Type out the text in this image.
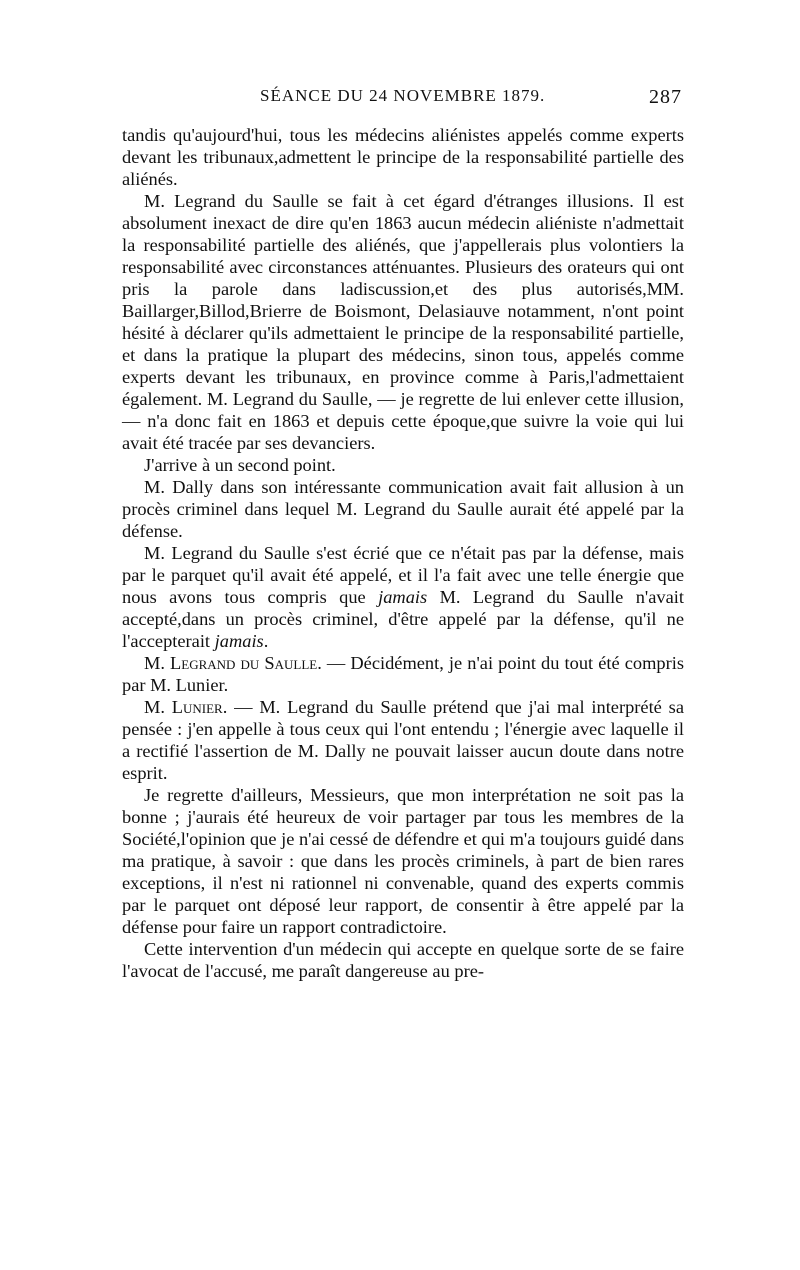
SÉANCE DU 24 NOVEMBRE 1879.	287

tandis qu'aujourd'hui, tous les médecins aliénistes appelés comme experts devant les tribunaux,admettent le principe de la responsabilité partielle des aliénés.

M. Legrand du Saulle se fait à cet égard d'étranges illusions. Il est absolument inexact de dire qu'en 1863 aucun médecin aliéniste n'admettait la responsabilité partielle des aliénés, que j'appellerais plus volontiers la responsabilité avec circonstances atténuantes. Plusieurs des orateurs qui ont pris la parole dans ladiscussion,et des plus autorisés,MM. Baillarger,Billod,Brierre de Boismont, Delasiauve notamment, n'ont point hésité à déclarer qu'ils admettaient le principe de la responsabilité partielle, et dans la pratique la plupart des médecins, sinon tous, appelés comme experts devant les tribunaux, en province comme à Paris,l'admettaient également. M. Legrand du Saulle, — je regrette de lui enlever cette illusion, — n'a donc fait en 1863 et depuis cette époque,que suivre la voie qui lui avait été tracée par ses devanciers.

J'arrive à un second point.

M. Dally dans son intéressante communication avait fait allusion à un procès criminel dans lequel M. Legrand du Saulle aurait été appelé par la défense.

M. Legrand du Saulle s'est écrié que ce n'était pas par la défense, mais par le parquet qu'il avait été appelé, et il l'a fait avec une telle énergie que nous avons tous compris que jamais M. Legrand du Saulle n'avait accepté,dans un procès criminel, d'être appelé par la défense, qu'il ne l'accepterait jamais.

M. Legrand du Saulle. — Décidément, je n'ai point du tout été compris par M. Lunier.

M. Lunier. — M. Legrand du Saulle prétend que j'ai mal interprété sa pensée : j'en appelle à tous ceux qui l'ont entendu ; l'énergie avec laquelle il a rectifié l'assertion de M. Dally ne pouvait laisser aucun doute dans notre esprit.

Je regrette d'ailleurs, Messieurs, que mon interprétation ne soit pas la bonne ; j'aurais été heureux de voir partager par tous les membres de la Société,l'opinion que je n'ai cessé de défendre et qui m'a toujours guidé dans ma pratique, à savoir : que dans les procès criminels, à part de bien rares exceptions, il n'est ni rationnel ni convenable, quand des experts commis par le parquet ont déposé leur rapport, de consentir à être appelé par la défense pour faire un rapport contradictoire.

Cette intervention d'un médecin qui accepte en quelque sorte de se faire l'avocat de l'accusé, me paraît dangereuse au pre-
